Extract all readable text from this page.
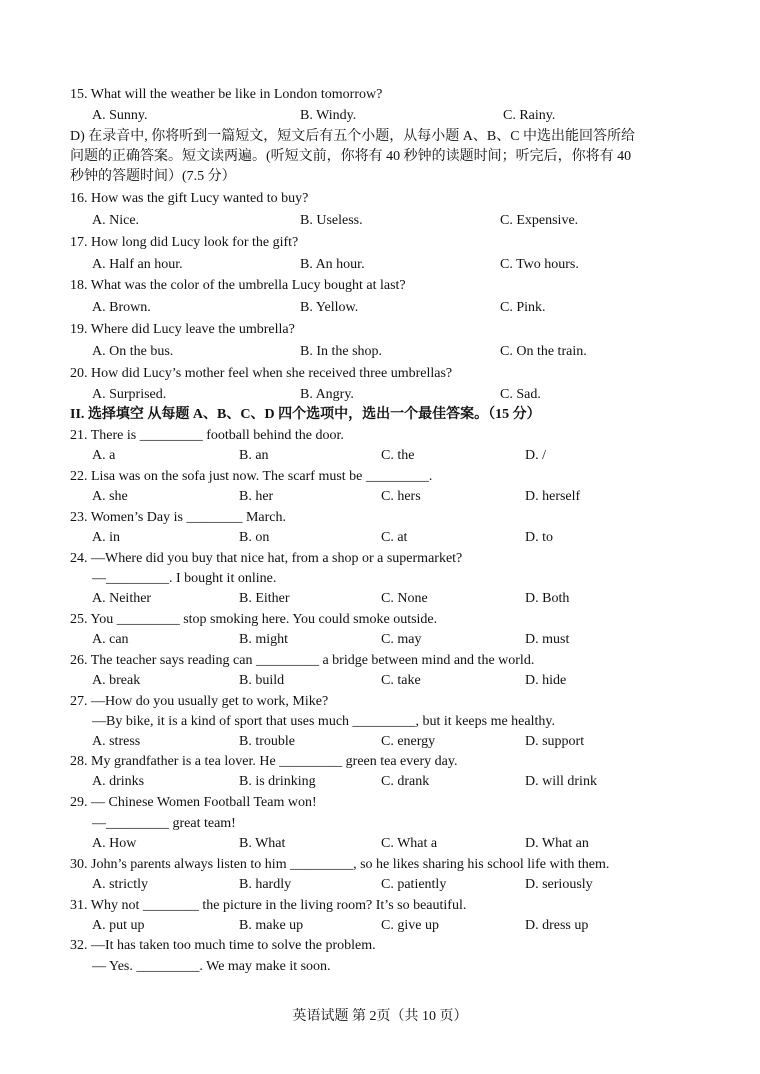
15. What will the weather be like in London tomorrow?
A. Sunny.	B. Windy.	C. Rainy.
D) 在录音中, 你将听到一篇短文，短文后有五个小题，从每小题 A、B、C 中选出能回答所给
问题的正确答案。短文读两遍。(听短文前，你将有 40 秒钟的读题时间；听完后，你将有 40
秒钟的答题时间）(7.5 分）
16. How was the gift Lucy wanted to buy?
A. Nice.	B. Useless.	C. Expensive.
17. How long did Lucy look for the gift?
A. Half an hour.	B. An hour.	C. Two hours.
18. What was the color of the umbrella Lucy bought at last?
A. Brown.	B. Yellow.	C. Pink.
19. Where did Lucy leave the umbrella?
A. On the bus.	B. In the shop.	C. On the train.
20. How did Lucy’s mother feel when she received three umbrellas?
A. Surprised.	B. Angry.	C. Sad.
II. 选择填空 从每题 A、B、C、D 四个选项中，选出一个最佳答案。（15 分）
21. There is _________ football behind the door.
A. a	B. an	C. the	D. /
22. Lisa was on the sofa just now. The scarf must be _________.
A. she	B. her	C. hers	D. herself
23. Women’s Day is ________ March.
A. in	B. on	C. at	D. to
24. —Where did you buy that nice hat, from a shop or a supermarket?
—_________. I bought it online.
A. Neither	B. Either	C. None	D. Both
25. You _________ stop smoking here. You could smoke outside.
A. can	B. might	C. may	D. must
26. The teacher says reading can _________ a bridge between mind and the world.
A. break	B. build	C. take	D. hide
27. —How do you usually get to work, Mike?
—By bike, it is a kind of sport that uses much _________, but it keeps me healthy.
A. stress	B. trouble	C. energy	D. support
28. My grandfather is a tea lover. He _________ green tea every day.
A. drinks	B. is drinking	C. drank	D. will drink
29. — Chinese Women Football Team won!
—_________ great team!
A. How	B. What	C. What a	D. What an
30. John’s parents always listen to him _________, so he likes sharing his school life with them.
A. strictly	B. hardly	C. patiently	D. seriously
31. Why not ________ the picture in the living room? It’s so beautiful.
A. put up	B. make up	C. give up	D. dress up
32. —It has taken too much time to solve the problem.
— Yes. _________. We may make it soon.
英语试题 第 2页（共 10 页）
